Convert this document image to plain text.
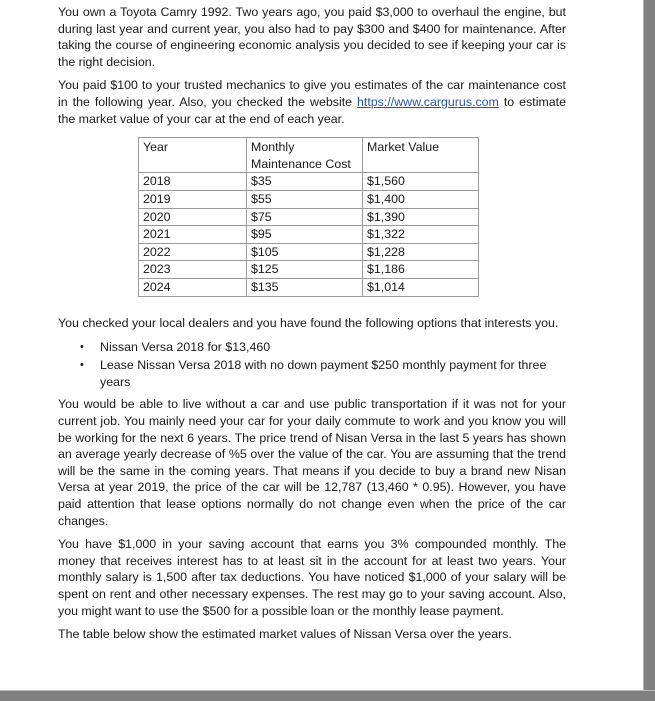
You own a Toyota Camry 1992. Two years ago, you paid $3,000 to overhaul the engine, but during last year and current year, you also had to pay $300 and $400 for maintenance. After taking the course of engineering economic analysis you decided to see if keeping your car is the right decision.

You paid $100 to your trusted mechanics to give you estimates of the car maintenance cost in the following year. Also, you checked the website https://www.cargurus.com to estimate the market value of your car at the end of each year.

Year	Monthly Maintenance Cost	Market Value
2018	$35	$1,560
2019	$55	$1,400
2020	$75	$1,390
2021	$95	$1,322
2022	$105	$1,228
2023	$125	$1,186
2024	$135	$1,014

You checked your local dealers and you have found the following options that interests you.

• Nissan Versa 2018 for $13,460
• Lease Nissan Versa 2018 with no down payment $250 monthly payment for three years

You would be able to live without a car and use public transportation if it was not for your current job. You mainly need your car for your daily commute to work and you know you will be working for the next 6 years. The price trend of Nisan Versa in the last 5 years has shown an average yearly decrease of %5 over the value of the car. You are assuming that the trend will be the same in the coming years. That means if you decide to buy a brand new Nisan Versa at year 2019, the price of the car will be 12,787 (13,460 * 0.95). However, you have paid attention that lease options normally do not change even when the price of the car changes.

You have $1,000 in your saving account that earns you 3% compounded monthly. The money that receives interest has to at least sit in the account for at least two years. Your monthly salary is 1,500 after tax deductions. You have noticed $1,000 of your salary will be spent on rent and other necessary expenses. The rest may go to your saving account. Also, you might want to use the $500 for a possible loan or the monthly lease payment.

The table below show the estimated market values of Nissan Versa over the years.
